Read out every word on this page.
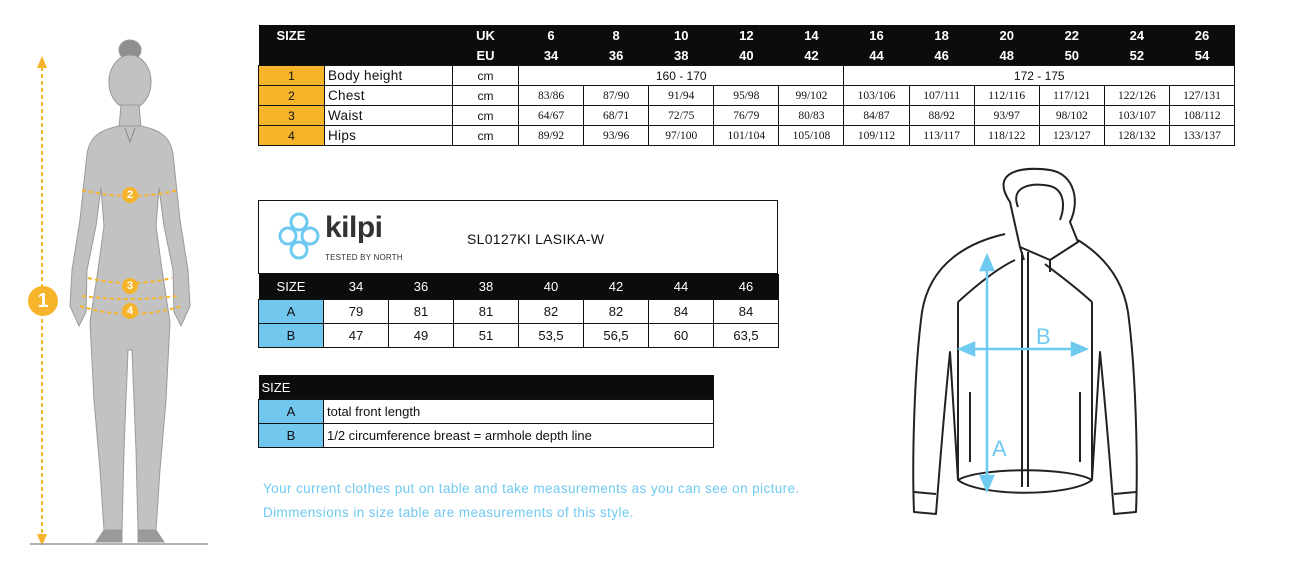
1
2
3
4
SIZE		UK	6	8	10	12	14	16	18	20	22	24	26
		EU	34	36	38	40	42	44	46	48	50	52	54
1	Body height	cm	160 - 170					172 - 175					
2	Chest	cm	83/86	87/90	91/94	95/98	99/102	103/106	107/111	112/116	117/121	122/126	127/131
3	Waist	cm	64/67	68/71	72/75	76/79	80/83	84/87	88/92	93/97	98/102	103/107	108/112
4	Hips	cm	89/92	93/96	97/100	101/104	105/108	109/112	113/117	118/122	123/127	128/132	133/137
kilpi
TESTED BY NORTH
SL0127KI LASIKA-W
SIZE	34	36	38	40	42	44	46
A	79	81	81	82	82	84	84
B	47	49	51	53,5	56,5	60	63,5
SIZE	
A	total front length
B	1/2 circumference breast = armhole depth line
Your current clothes put on table and take measurements as you can see on picture.
Dimmensions in size table are measurements of this style.
A
B
